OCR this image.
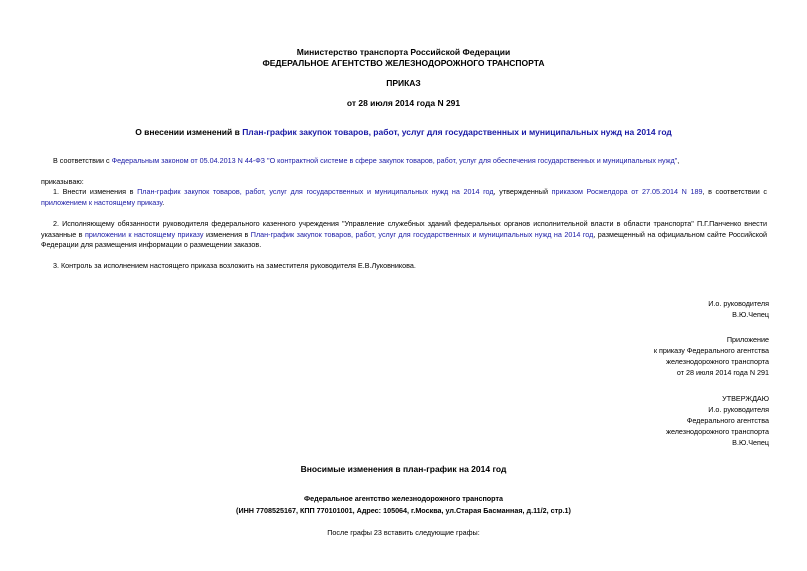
Министерство транспорта Российской Федерации
ФЕДЕРАЛЬНОЕ АГЕНТСТВО ЖЕЛЕЗНОДОРОЖНОГО ТРАНСПОРТА
ПРИКАЗ
от 28 июля 2014 года N 291
О внесении изменений в План-график закупок товаров, работ, услуг для государственных и муниципальных нужд на 2014 год
В соответствии с Федеральным законом от 05.04.2013 N 44-ФЗ "О контрактной системе в сфере закупок товаров, работ, услуг для обеспечения государственных и муниципальных нужд",
приказываю:
1. Внести изменения в План-график закупок товаров, работ, услуг для государственных и муниципальных нужд на 2014 год, утвержденный приказом Росжелдора от 27.05.2014 N 189, в соответствии с приложением к настоящему приказу.
2. Исполняющему обязанности руководителя федерального казенного учреждения "Управление служебных зданий федеральных органов исполнительной власти в области транспорта" П.Г.Панченко внести указанные в приложении к настоящему приказу изменения в План-график закупок товаров, работ, услуг для государственных и муниципальных нужд на 2014 год, размещенный на официальном сайте Российской Федерации для размещения информации о размещении заказов.
3. Контроль за исполнением настоящего приказа возложить на заместителя руководителя Е.В.Луковникова.
И.о. руководителя
В.Ю.Чепец
Приложение
к приказу Федерального агентства
железнодорожного транспорта
от 28 июля 2014 года N 291
УТВЕРЖДАЮ
И.о. руководителя
Федерального агентства
железнодорожного транспорта
В.Ю.Чепец
Вносимые изменения в план-график на 2014 год
Федеральное агентство железнодорожного транспорта
(ИНН 7708525167, КПП 770101001, Адрес: 105064, г.Москва, ул.Старая Басманная, д.11/2, стр.1)
После графы 23 вставить следующие графы:
